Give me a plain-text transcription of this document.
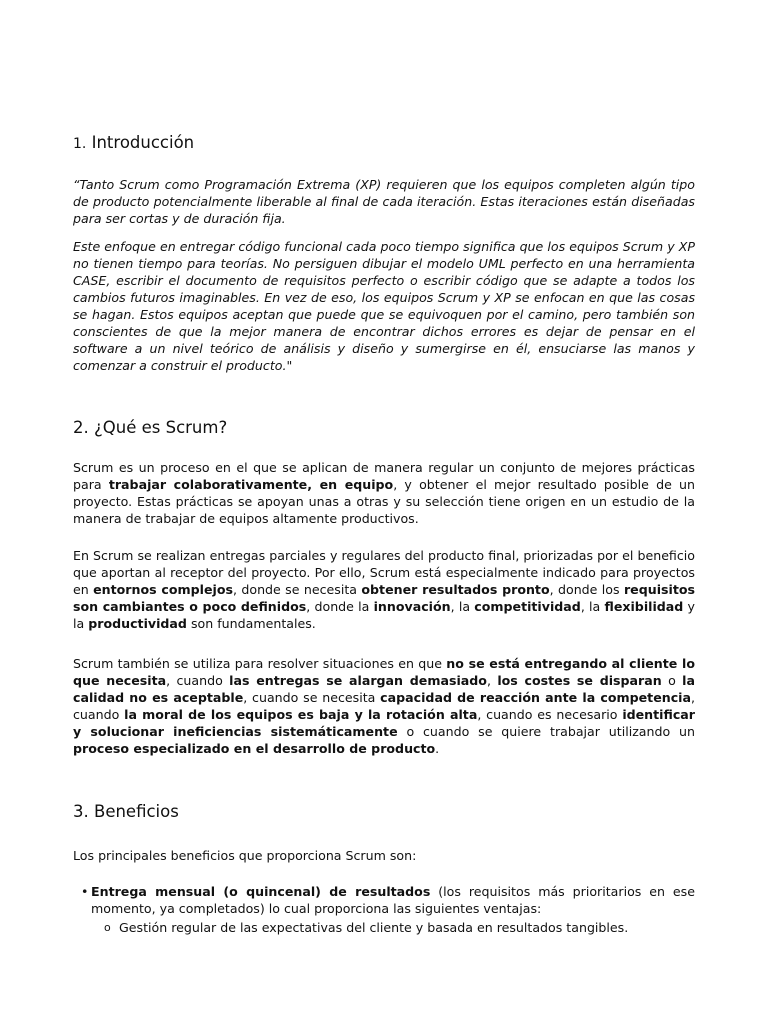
1. Introducción

“Tanto Scrum como Programación Extrema (XP) requieren que los equipos completen algún tipo de producto potencialmente liberable al final de cada iteración. Estas iteraciones están diseñadas para ser cortas y de duración fija.

Este enfoque en entregar código funcional cada poco tiempo significa que los equipos Scrum y XP no tienen tiempo para teorías. No persiguen dibujar el modelo UML perfecto en una herramienta CASE, escribir el documento de requisitos perfecto o escribir código que se adapte a todos los cambios futuros imaginables. En vez de eso, los equipos Scrum y XP se enfocan en que las cosas se hagan. Estos equipos aceptan que puede que se equivoquen por el camino, pero también son conscientes de que la mejor manera de encontrar dichos errores es dejar de pensar en el software a un nivel teórico de análisis y diseño y sumergirse en él, ensuciarse las manos y comenzar a construir el producto."

2. ¿Qué es Scrum?

Scrum es un proceso en el que se aplican de manera regular un conjunto de mejores prácticas para trabajar colaborativamente, en equipo, y obtener el mejor resultado posible de un proyecto. Estas prácticas se apoyan unas a otras y su selección tiene origen en un estudio de la manera de trabajar de equipos altamente productivos.

En Scrum se realizan entregas parciales y regulares del producto final, priorizadas por el beneficio que aportan al receptor del proyecto. Por ello, Scrum está especialmente indicado para proyectos en entornos complejos, donde se necesita obtener resultados pronto, donde los requisitos son cambiantes o poco definidos, donde la innovación, la competitividad, la flexibilidad y la productividad son fundamentales.

Scrum también se utiliza para resolver situaciones en que no se está entregando al cliente lo que necesita, cuando las entregas se alargan demasiado, los costes se disparan o la calidad no es aceptable, cuando se necesita capacidad de reacción ante la competencia, cuando la moral de los equipos es baja y la rotación alta, cuando es necesario identificar y solucionar ineficiencias sistemáticamente o cuando se quiere trabajar utilizando un proceso especializado en el desarrollo de producto.

3. Beneficios

Los principales beneficios que proporciona Scrum son:

• Entrega mensual (o quincenal) de resultados (los requisitos más prioritarios en ese momento, ya completados) lo cual proporciona las siguientes ventajas:
o Gestión regular de las expectativas del cliente y basada en resultados tangibles.
